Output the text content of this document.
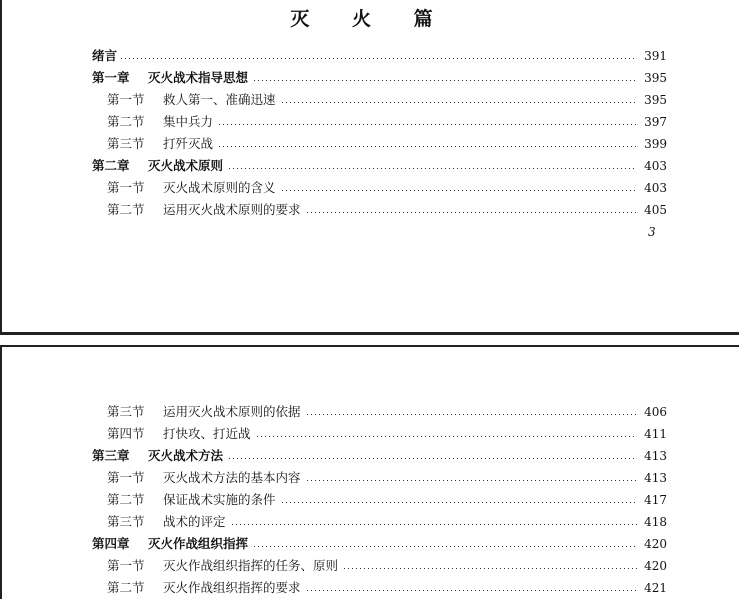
灭 火 篇
绪言	391
第一章	灭火战术指导思想	395
第一节	救人第一、准确迅速	395
第二节	集中兵力	397
第三节	打歼灭战	399
第二章	灭火战术原则	403
第一节	灭火战术原则的含义	403
第二节	运用灭火战术原则的要求	405
3
第三节	运用灭火战术原则的依据	406
第四节	打快攻、打近战	411
第三章	灭火战术方法	413
第一节	灭火战术方法的基本内容	413
第二节	保证战术实施的条件	417
第三节	战术的评定	418
第四章	灭火作战组织指挥	420
第一节	灭火作战组织指挥的任务、原则	420
第二节	灭火作战组织指挥的要求	421
